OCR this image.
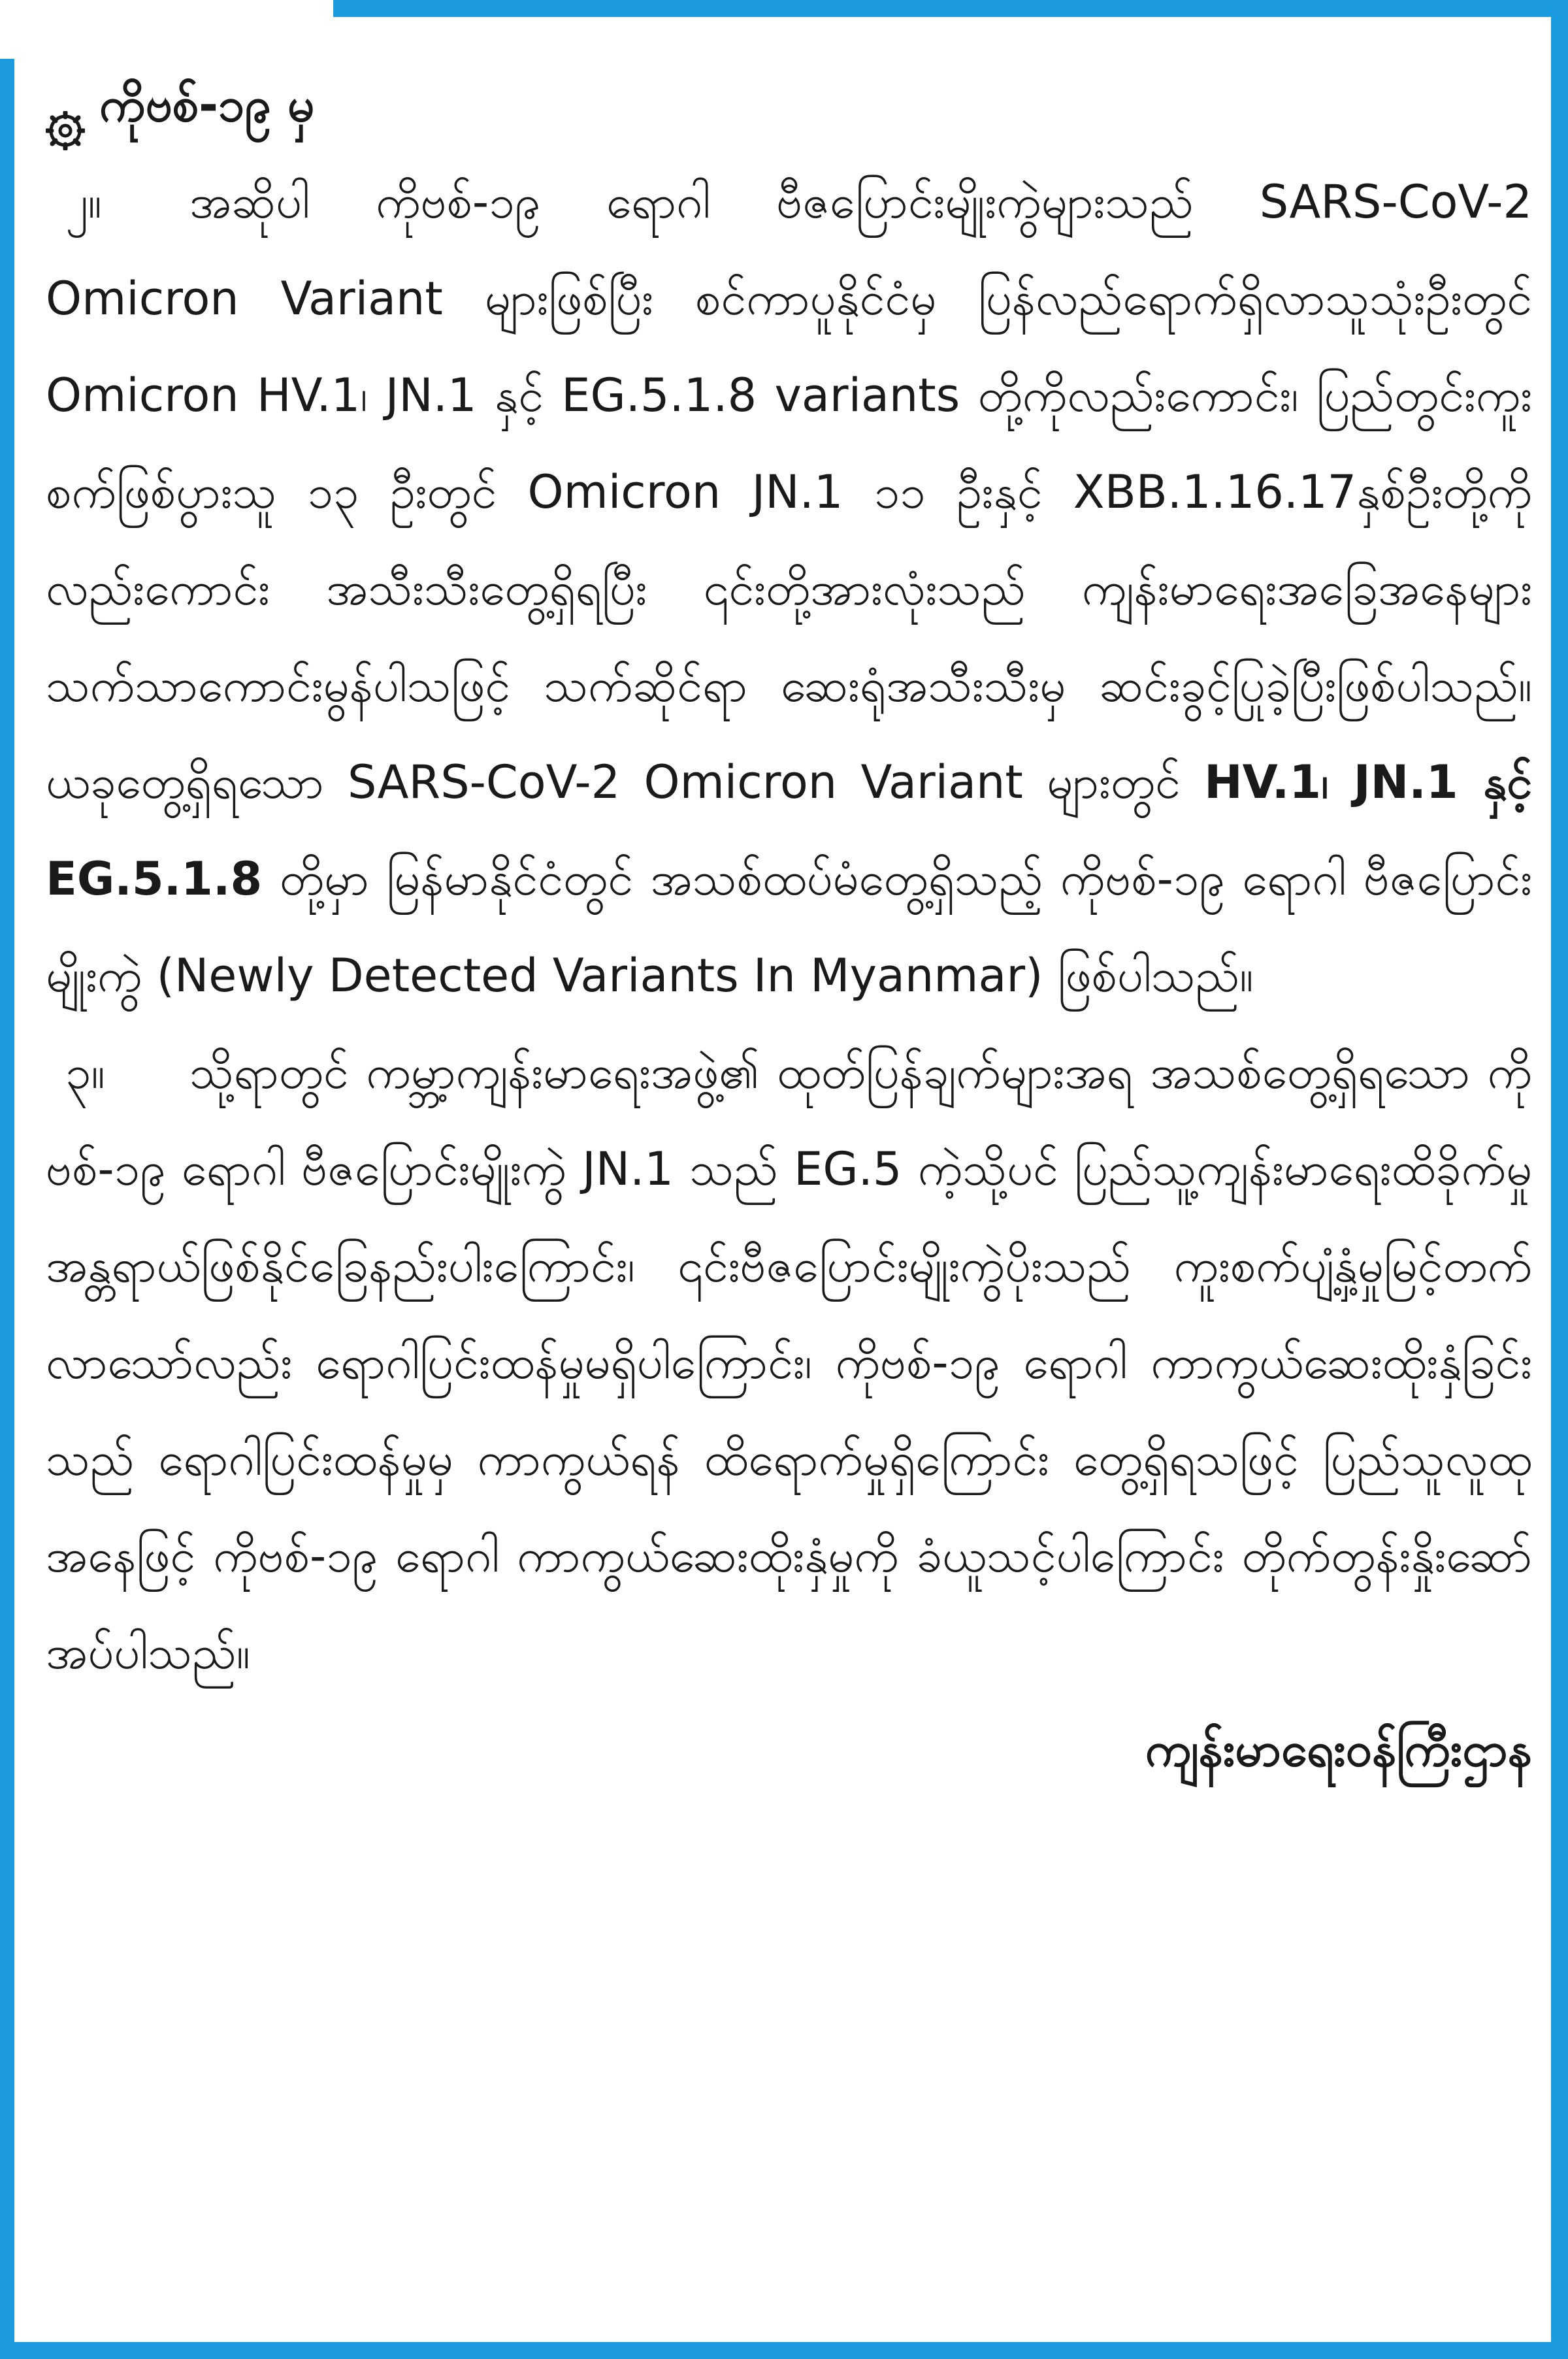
ကိုဗစ်-၁၉ မှ

၂။ အဆိုပါ ကိုဗစ်-၁၉ ရောဂါ ဗီဇပြောင်းမျိုးကွဲများသည် SARS-CoV-2 Omicron Variant များဖြစ်ပြီး စင်ကာပူနိုင်ငံမှ ပြန်လည်ရောက်ရှိလာသူသုံးဦးတွင် Omicron HV.1၊ JN.1 နှင့် EG.5.1.8 variants တို့ကိုလည်းကောင်း၊ ပြည်တွင်းကူးစက်ဖြစ်ပွားသူ ၁၃ ဦးတွင် Omicron JN.1 ၁၁ ဦးနှင့် XBB.1.16.17နှစ်ဦးတို့ကိုလည်းကောင်း အသီးသီးတွေ့ရှိရပြီး ၎င်းတို့အားလုံးသည် ကျန်းမာရေးအခြေအနေများ သက်သာကောင်းမွန်ပါသဖြင့် သက်ဆိုင်ရာ ဆေးရုံအသီးသီးမှ ဆင်းခွင့်ပြုခဲ့ပြီးဖြစ်ပါသည်။ ယခုတွေ့ရှိရသော SARS-CoV-2 Omicron Variant များတွင် HV.1၊ JN.1 နှင့် EG.5.1.8 တို့မှာ မြန်မာနိုင်ငံတွင် အသစ်ထပ်မံတွေ့ရှိသည့် ကိုဗစ်-၁၉ ရောဂါ ဗီဇပြောင်းမျိုးကွဲ (Newly Detected Variants In Myanmar) ဖြစ်ပါသည်။

၃။ သို့ရာတွင် ကမ္ဘာ့ကျန်းမာရေးအဖွဲ့၏ ထုတ်ပြန်ချက်များအရ အသစ်တွေ့ရှိရသော ကိုဗစ်-၁၉ ရောဂါ ဗီဇပြောင်းမျိုးကွဲ JN.1 သည် EG.5 ကဲ့သို့ပင် ပြည်သူ့ကျန်းမာရေးထိခိုက်မှုအန္တရာယ်ဖြစ်နိုင်ခြေနည်းပါးကြောင်း၊ ၎င်းဗီဇပြောင်းမျိုးကွဲပိုးသည် ကူးစက်ပျံ့နှံ့မှုမြင့်တက်လာသော်လည်း ရောဂါပြင်းထန်မှုမရှိပါကြောင်း၊ ကိုဗစ်-၁၉ ရောဂါ ကာကွယ်ဆေးထိုးနှံခြင်းသည် ရောဂါပြင်းထန်မှုမှ ကာကွယ်ရန် ထိရောက်မှုရှိကြောင်း တွေ့ရှိရသဖြင့် ပြည်သူလူထု အနေဖြင့် ကိုဗစ်-၁၉ ရောဂါ ကာကွယ်ဆေးထိုးနှံမှုကို ခံယူသင့်ပါကြောင်း တိုက်တွန်းနှိုးဆော်အပ်ပါသည်။

ကျန်းမာရေးဝန်ကြီးဌာန
